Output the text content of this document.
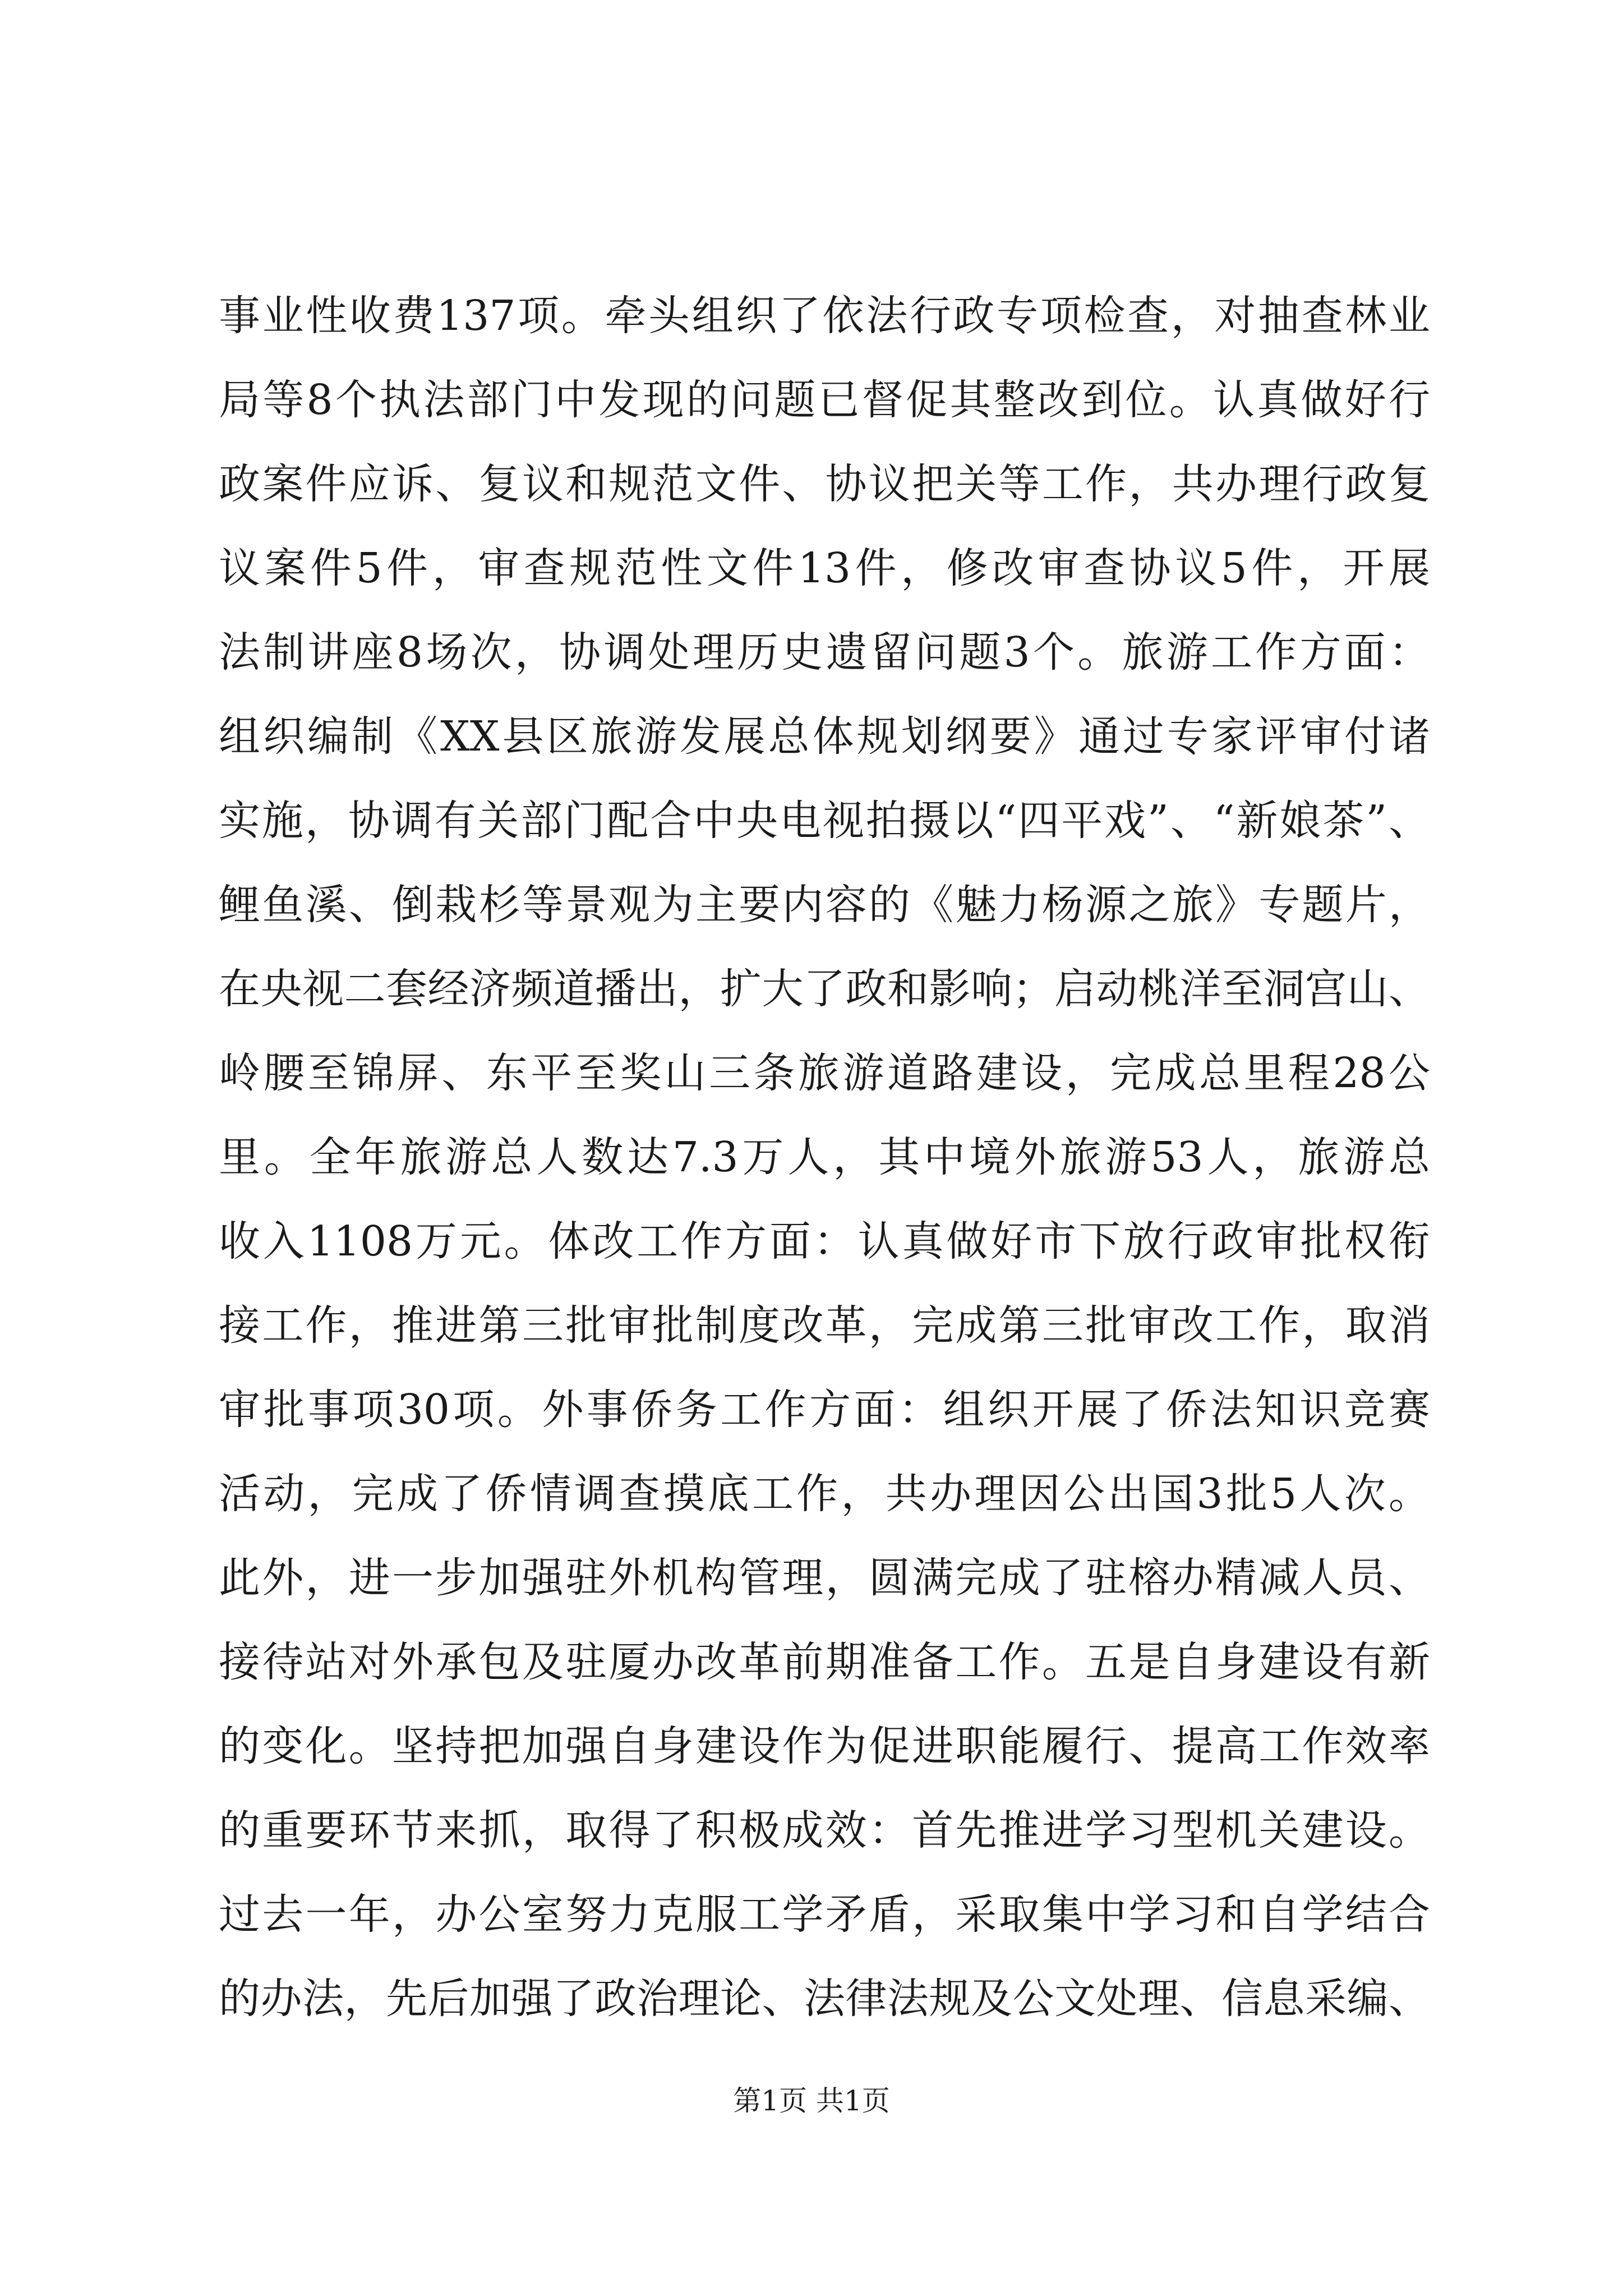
事业性收费137项。牵头组织了依法行政专项检查，对抽查林业
局等8个执法部门中发现的问题已督促其整改到位。认真做好行
政案件应诉、复议和规范文件、协议把关等工作，共办理行政复
议案件5件，审查规范性文件13件，修改审查协议5件，开展
法制讲座8场次，协调处理历史遗留问题3个。旅游工作方面：
组织编制《XX县区旅游发展总体规划纲要》通过专家评审付诸
实施，协调有关部门配合中央电视拍摄以“四平戏”、“新娘茶”、
鲤鱼溪、倒栽杉等景观为主要内容的《魅力杨源之旅》专题片，
在央视二套经济频道播出，扩大了政和影响；启动桃洋至洞宫山、
岭腰至锦屏、东平至奖山三条旅游道路建设，完成总里程28公
里。全年旅游总人数达7.3万人，其中境外旅游53人，旅游总
收入1108万元。体改工作方面：认真做好市下放行政审批权衔
接工作，推进第三批审批制度改革，完成第三批审改工作，取消
审批事项30项。外事侨务工作方面：组织开展了侨法知识竞赛
活动，完成了侨情调查摸底工作，共办理因公出国3批5人次。
此外，进一步加强驻外机构管理，圆满完成了驻榕办精减人员、
接待站对外承包及驻厦办改革前期准备工作。五是自身建设有新
的变化。坚持把加强自身建设作为促进职能履行、提高工作效率
的重要环节来抓，取得了积极成效：首先推进学习型机关建设。
过去一年，办公室努力克服工学矛盾，采取集中学习和自学结合
的办法，先后加强了政治理论、法律法规及公文处理、信息采编、
第1页 共1页
